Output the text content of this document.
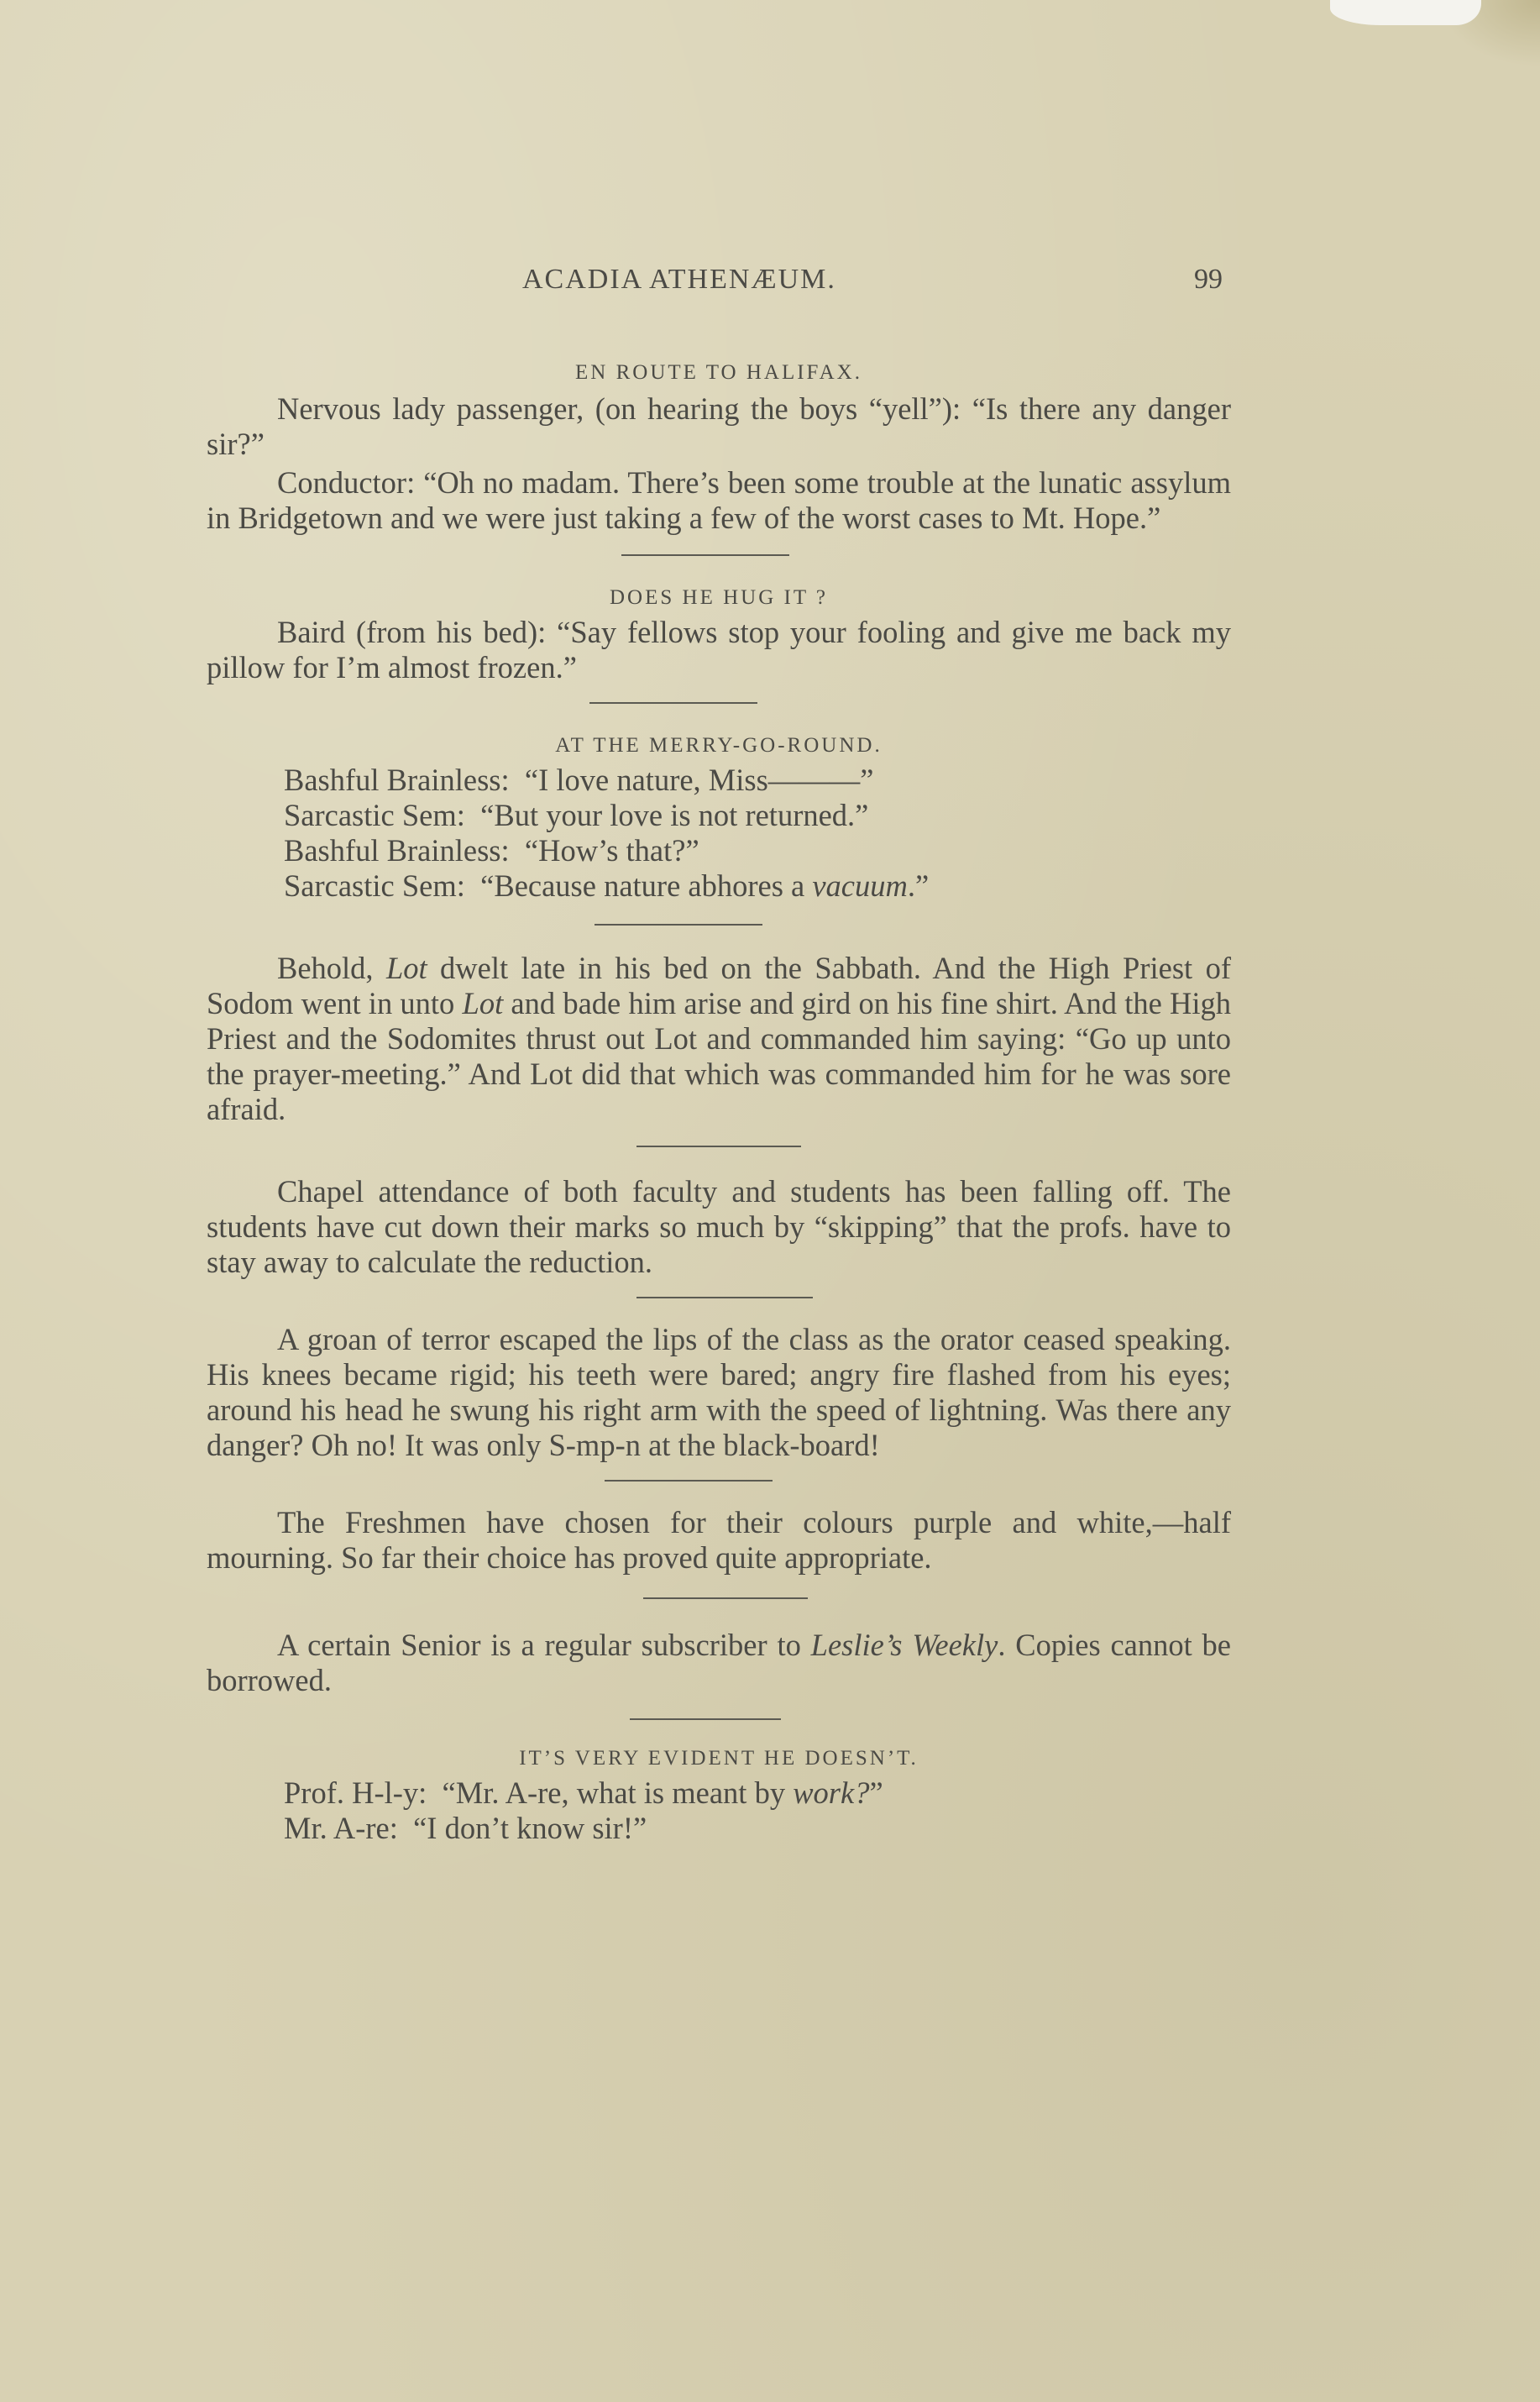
ACADIA ATHENÆUM.	99
EN ROUTE TO HALIFAX.

Nervous lady passenger, (on hearing the boys “yell”): “Is there any danger sir?”

Conductor: “Oh no madam. There’s been some trouble at the lunatic assylum in Bridgetown and we were just taking a few of the worst cases to Mt. Hope.”

DOES HE HUG IT ?

Baird (from his bed): “Say fellows stop your fooling and give me back my pillow for I’m almost frozen.”

AT THE MERRY-GO-ROUND.
Bashful Brainless:  “I love nature, Miss———”
Sarcastic Sem:  “But your love is not returned.”
Bashful Brainless:  “How’s that?”
Sarcastic Sem:  “Because nature abhores a vacuum.”

Behold, Lot dwelt late in his bed on the Sabbath. And the High Priest of Sodom went in unto Lot and bade him arise and gird on his fine shirt. And the High Priest and the Sodomites thrust out Lot and commanded him saying: “Go up unto the prayer-meeting.” And Lot did that which was commanded him for he was sore afraid.

Chapel attendance of both faculty and students has been falling off. The students have cut down their marks so much by “skipping” that the profs. have to stay away to calculate the reduction.

A groan of terror escaped the lips of the class as the orator ceased speaking. His knees became rigid; his teeth were bared; angry fire flashed from his eyes; around his head he swung his right arm with the speed of lightning. Was there any danger? Oh no! It was only S-mp-n at the black-board!

The Freshmen have chosen for their colours purple and white,—half mourning. So far their choice has proved quite appropriate.

A certain Senior is a regular subscriber to Leslie’s Weekly. Copies cannot be borrowed.

IT’S VERY EVIDENT HE DOESN’T.
Prof. H-l-y:  “Mr. A-re, what is meant by work?”
Mr. A-re:  “I don’t know sir!”
